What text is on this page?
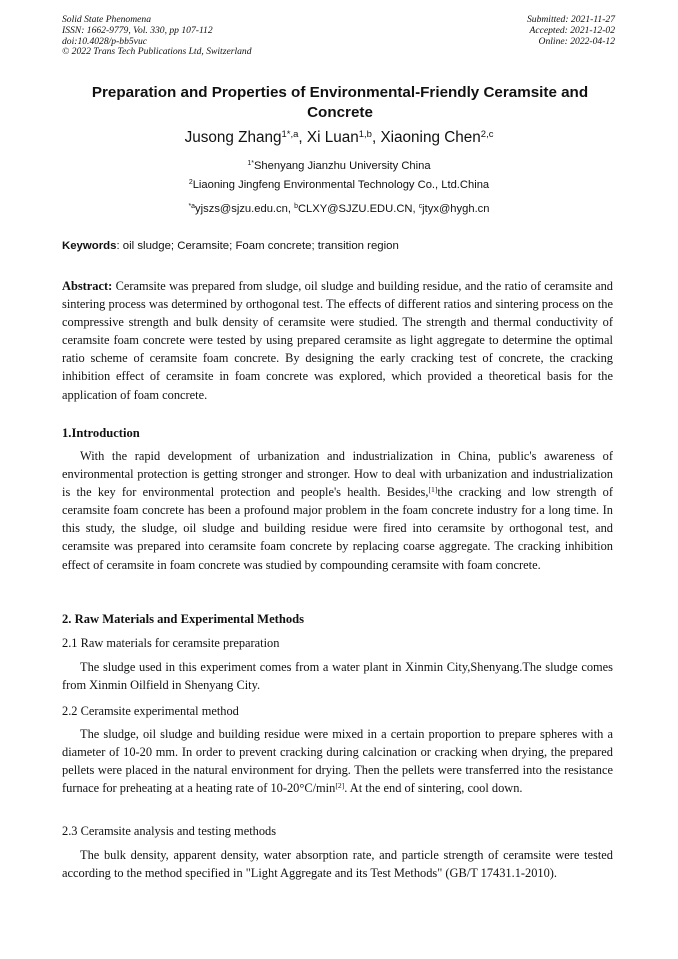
Solid State Phenomena
ISSN: 1662-9779, Vol. 330, pp 107-112
doi:10.4028/p-bb5vuc
© 2022 Trans Tech Publications Ltd, Switzerland
Submitted: 2021-11-27
Accepted: 2021-12-02
Online: 2022-04-12
Preparation and Properties of Environmental-Friendly Ceramsite and Concrete
Jusong Zhang$^{1*,a}$, Xi Luan$^{1,b}$, Xiaoning Chen$^{2,c}$
$^{1*}$Shenyang Jianzhu University China
$^2$Liaoning Jingfeng Environmental Technology Co., Ltd.China
$^{*a}$yjszs@sjzu.edu.cn, $^b$CLXY@SJZU.EDU.CN, $^c$jtyx@hygh.cn
Keywords: oil sludge; Ceramsite; Foam concrete; transition region

Abstract: Ceramsite was prepared from sludge, oil sludge and building residue, and the ratio of ceramsite and sintering process was determined by orthogonal test. The effects of different ratios and sintering process on the compressive strength and bulk density of ceramsite were studied. The strength and thermal conductivity of ceramsite foam concrete were tested by using prepared ceramsite as light aggregate to determine the optimal ratio scheme of ceramsite foam concrete. By designing the early cracking test of concrete, the cracking inhibition effect of ceramsite in foam concrete was explored, which provided a theoretical basis for the application of foam concrete.

1.Introduction

With the rapid development of urbanization and industrialization in China, public's awareness of environmental protection is getting stronger and stronger. How to deal with urbanization and industrialization is the key for environmental protection and people's health. Besides,[1]the cracking and low strength of ceramsite foam concrete has been a profound major problem in the foam concrete industry for a long time. In this study, the sludge, oil sludge and building residue were fired into ceramsite by orthogonal test, and ceramsite was prepared into ceramsite foam concrete by replacing coarse aggregate. The cracking inhibition effect of ceramsite in foam concrete was studied by compounding ceramsite with foam concrete.

2. Raw Materials and Experimental Methods
2.1 Raw materials for ceramsite preparation

The sludge used in this experiment comes from a water plant in Xinmin City,Shenyang.The sludge comes from Xinmin Oilfield in Shenyang City.

2.2 Ceramsite experimental method

The sludge, oil sludge and building residue were mixed in a certain proportion to prepare spheres with a diameter of 10-20 mm. In order to prevent cracking during calcination or cracking when drying, the prepared pellets were placed in the natural environment for drying. Then the pellets were transferred into the resistance furnace for preheating at a heating rate of 10-20°C/min[2]. At the end of sintering, cool down.

2.3 Ceramsite analysis and testing methods

The bulk density, apparent density, water absorption rate, and particle strength of ceramsite were tested according to the method specified in "Light Aggregate and its Test Methods" (GB/T 17431.1-2010).
